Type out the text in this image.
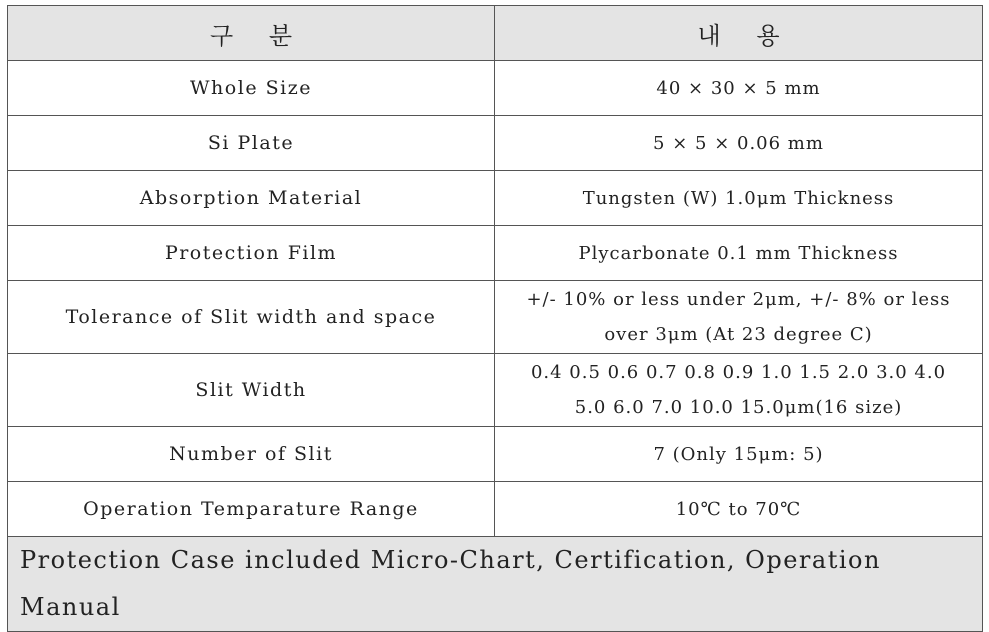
구 분	내 용
Whole Size	40 × 30 × 5 mm
Si Plate	5 × 5 × 0.06 mm
Absorption Material	Tungsten (W) 1.0μm Thickness
Protection Film	Plycarbonate 0.1 mm Thickness
Tolerance of Slit width and space	+/- 10% or less under 2μm, +/- 8% or less
over 3μm (At 23 degree C)

Slit Width	0.4 0.5 0.6 0.7 0.8 0.9 1.0 1.5 2.0 3.0 4.0
5.0 6.0 7.0 10.0 15.0μm(16 size)

Number of Slit	7 (Only 15μm: 5)
Operation Temparature Range	10℃ to 70℃
Protection Case included Micro-Chart, Certification, Operation Manual	
